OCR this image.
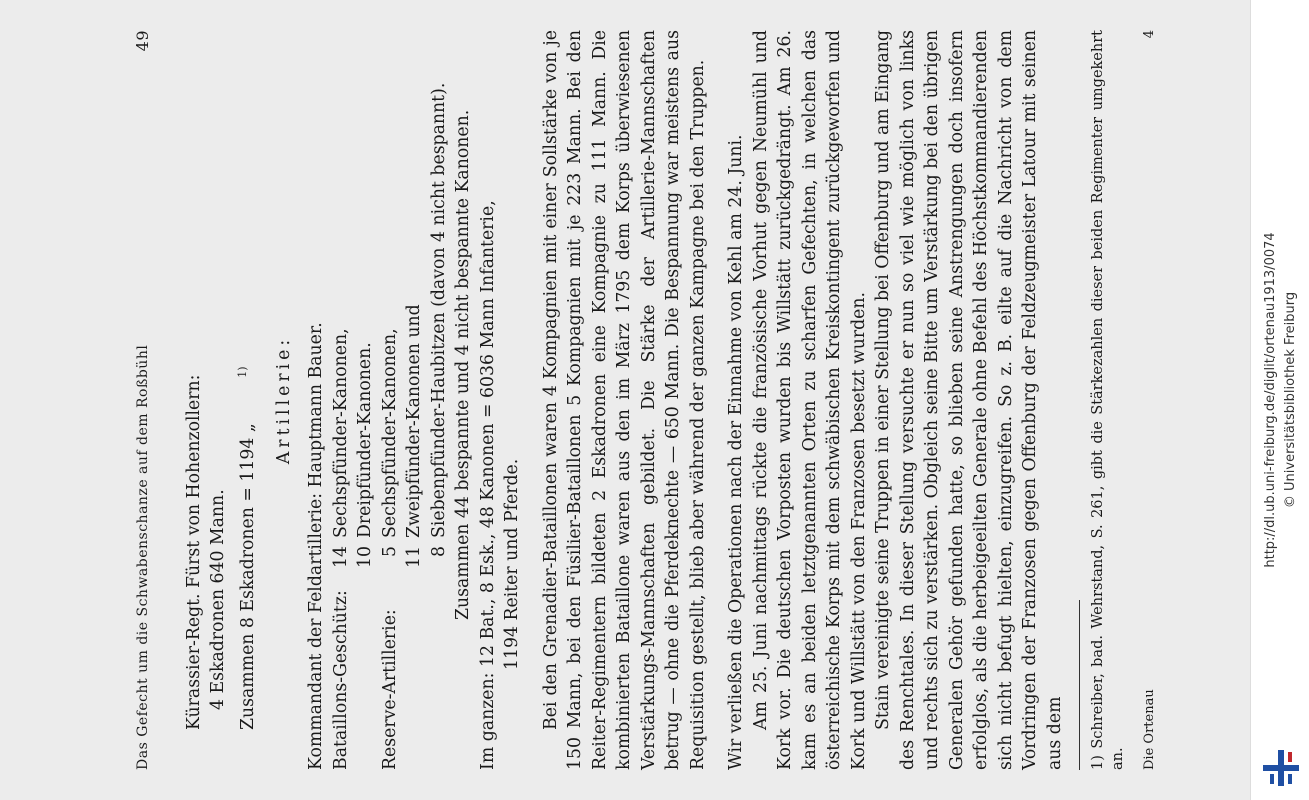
Das Gefecht um die Schwabenschanze auf dem Roßbühl
49
Kürassier-Regt. Fürst von Hohenzollern: 4 Eskadronen 640 Mann. Zusammen 8 Eskadronen = 1194 „ $^{1)}$	Artillerie: Kommandant der Feldartillerie: Hauptmann Bauer. Bataillons-Geschütz:
14
Sechspfünder-Kanonen,
10
Dreipfünder-Kanonen.
Reserve-Artillerie:
5
Sechspfünder-Kanonen,
11
Zweipfünder-Kanonen und
8
Siebenpfünder-Haubitzen (davon 4 nicht bespannt). Zusammen 44 bespannte und 4 nicht bespannte Kanonen. Im ganzen: 12 Bat., 8 Esk., 48 Kanonen = 6036 Mann Infanterie, 1194 Reiter und Pferde. Bei den Grenadier-Bataillonen waren 4 Kompagnien mit einer Sollstärke von je 150 Mann, bei den Füsilier-Bataillonen 5 Kompagnien mit je 223 Mann. Bei den Reiter-Regimentern bildeten 2 Eskadronen eine Kompagnie zu 111 Mann. Die kombinierten Bataillone waren aus den im März 1795 dem Korps überwiesenen Verstärkungs-Mannschaften gebildet. Die Stärke der Artillerie-Mannschaften betrug — ohne die Pferdeknechte — 650 Mann. Die Bespannung war meistens aus Requisition gestellt, blieb aber während der ganzen Kampagne bei den Truppen. Wir verließen die Operationen nach der Einnahme von Kehl am 24. Juni. Am 25. Juni nachmittags rückte die französische Vorhut gegen Neumühl und Kork vor. Die deutschen Vorposten wurden bis Willstätt zurückgedrängt. Am 26. kam es an beiden letztgenannten Orten zu scharfen Gefechten, in welchen das österreichische Korps mit dem schwäbischen Kreiskontingent zurückgeworfen und Kork und Willstätt von den Franzosen besetzt wurden. Stain vereinigte seine Truppen in einer Stellung bei Offenburg und am Eingang des Renchtales. In dieser Stellung versuchte er nun so viel wie möglich von links und rechts sich zu verstärken. Obgleich seine Bitte um Verstärkung bei den übrigen Generalen Gehör gefunden hatte, so blieben seine Anstrengungen doch insofern erfolglos, als die herbeigeeilten Generale ohne Befehl des Höchstkommandierenden sich nicht befugt hielten, einzugreifen. So z. B. eilte auf die Nachricht von dem Vordringen der Franzosen gegen Offenburg der Feldzeugmeister Latour mit seinen aus dem 1) Schreiber, bad. Wehrstand, S. 261, gibt die Stärkezahlen dieser beiden Regimenter umgekehrt an.	Die Ortenau
4
http://dl.ub.uni-freiburg.de/diglit/ortenau1913/0074 © Universitätsbibliothek Freiburg
